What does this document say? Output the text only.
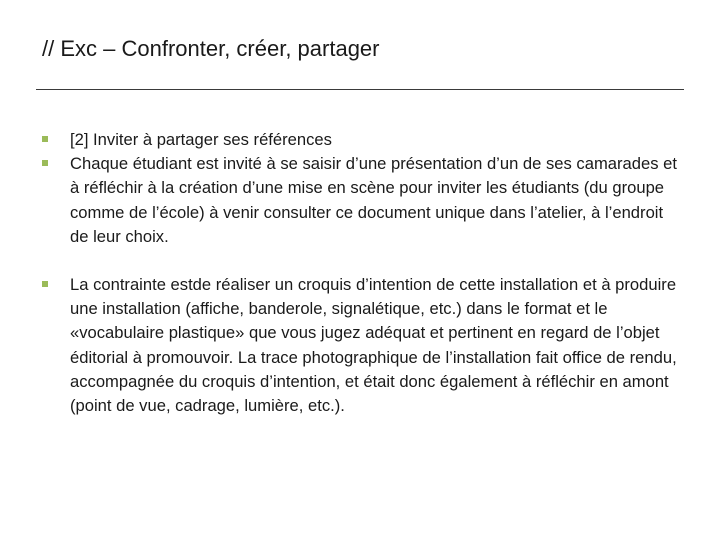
// Exc – Confronter, créer, partager
[2] Inviter à partager ses références
Chaque étudiant est invité à se saisir d’une présentation d’un de ses camarades et à réfléchir à la création d’une mise en scène pour inviter les étudiants (du groupe comme de l’école) à venir consulter ce document unique dans l’atelier, à l’endroit de leur choix.
La contrainte estde réaliser un croquis d’intention de cette installation et à produire une installation (affiche, banderole, signalétique, etc.) dans le format et le «vocabulaire plastique» que vous jugez adéquat et pertinent en regard de l’objet éditorial à promouvoir. La trace photographique de l’installation fait office de rendu, accompagnée du croquis d’intention, et était donc également à réfléchir en amont (point de vue, cadrage, lumière, etc.).
